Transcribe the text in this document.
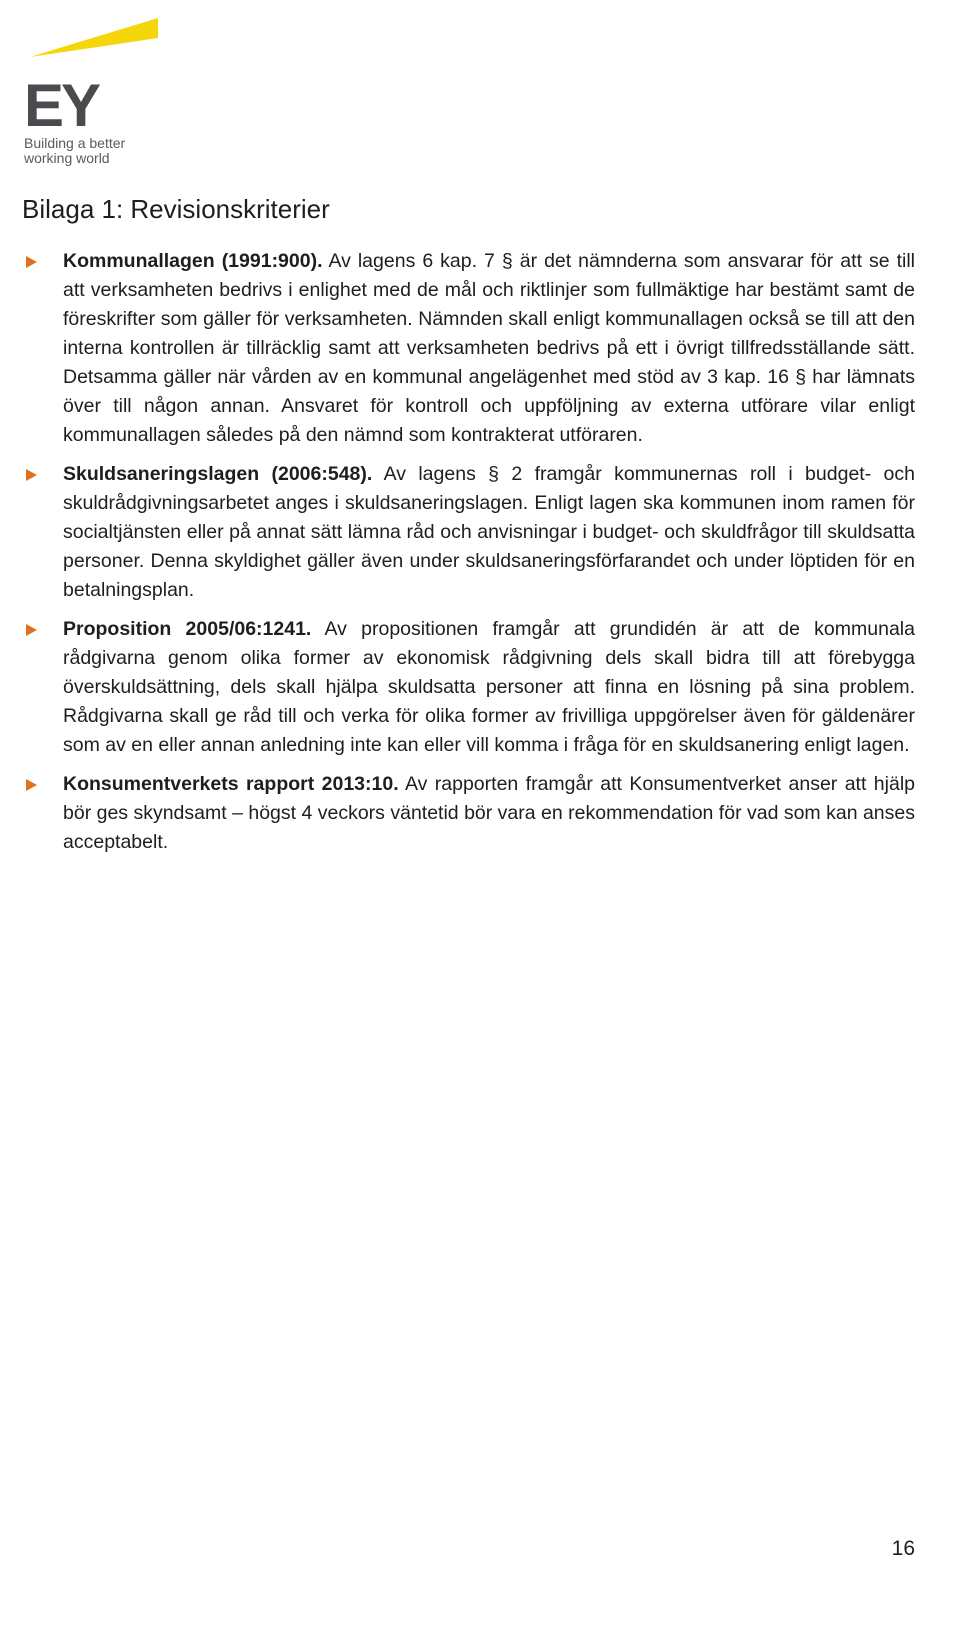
EY
Building a better
working world
Bilaga 1: Revisionskriterier
Kommunallagen (1991:900). Av lagens 6 kap. 7 § är det nämnderna som ansvarar för att se till att verksamheten bedrivs i enlighet med de mål och riktlinjer som fullmäktige har bestämt samt de föreskrifter som gäller för verksamheten. Nämnden skall enligt kommunallagen också se till att den interna kontrollen är tillräcklig samt att verksamheten bedrivs på ett i övrigt tillfredsställande sätt. Detsamma gäller när vården av en kommunal angelägenhet med stöd av 3 kap. 16 § har lämnats över till någon annan. Ansvaret för kontroll och uppföljning av externa utförare vilar enligt kommunallagen således på den nämnd som kontrakterat utföraren.
Skuldsaneringslagen (2006:548). Av lagens § 2 framgår kommunernas roll i budget- och skuldrådgivningsarbetet anges i skuldsaneringslagen. Enligt lagen ska kommunen inom ramen för socialtjänsten eller på annat sätt lämna råd och anvisningar i budget- och skuldfrågor till skuldsatta personer. Denna skyldighet gäller även under skuldsaneringsförfarandet och under löptiden för en betalningsplan.
Proposition 2005/06:1241. Av propositionen framgår att grundidén är att de kommunala rådgivarna genom olika former av ekonomisk rådgivning dels skall bidra till att förebygga överskuldsättning, dels skall hjälpa skuldsatta personer att finna en lösning på sina problem. Rådgivarna skall ge råd till och verka för olika former av frivilliga uppgörelser även för gäldenärer som av en eller annan anledning inte kan eller vill komma i fråga för en skuldsanering enligt lagen.
Konsumentverkets rapport 2013:10. Av rapporten framgår att Konsumentverket anser att hjälp bör ges skyndsamt – högst 4 veckors väntetid bör vara en rekommendation för vad som kan anses acceptabelt.
16
